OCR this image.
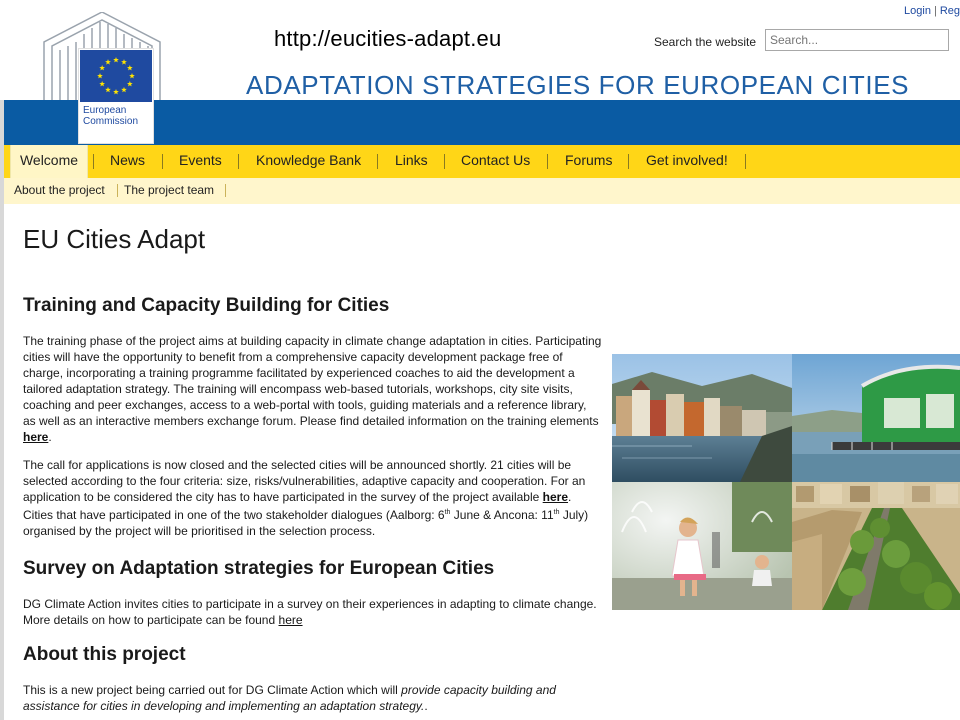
European
Commission
http://eucities-adapt.eu
Login | Reg
Search the website
Search...
ADAPTATION STRATEGIES FOR EUROPEAN CITIES
Welcome	News Events Knowledge Bank Links Contact Us Forums Get involved!
About the project The project team
EU Cities Adapt
Training and Capacity Building for Cities
The training phase of the project aims at building capacity in climate change adaptation in cities. Participating
cities will have the opportunity to benefit from a comprehensive capacity development package free of
charge, incorporating a training programme facilitated by experienced coaches to aid the development a
tailored adaptation strategy. The training will encompass web-based tutorials, workshops, city site visits,
coaching and peer exchanges, access to a web-portal with tools, guiding materials and a reference library,
as well as an interactive members exchange forum. Please find detailed information on the training elements
here.
The call for applications is now closed and the selected cities will be announced shortly. 21 cities will be
selected according to the four criteria: size, risks/vulnerabilities, adaptive capacity and cooperation. For an
application to be considered the city has to have participated in the survey of the project available here.
Cities that have participated in one of the two stakeholder dialogues (Aalborg: 6th June & Ancona: 11th July)
organised by the project will be prioritised in the selection process.
Survey on Adaptation strategies for European Cities
DG Climate Action invites cities to participate in a survey on their experiences in adapting to climate change.
More details on how to participate can be found here
About this project
This is a new project being carried out for DG Climate Action which will provide capacity building and
assistance for cities in developing and implementing an adaptation strategy..
